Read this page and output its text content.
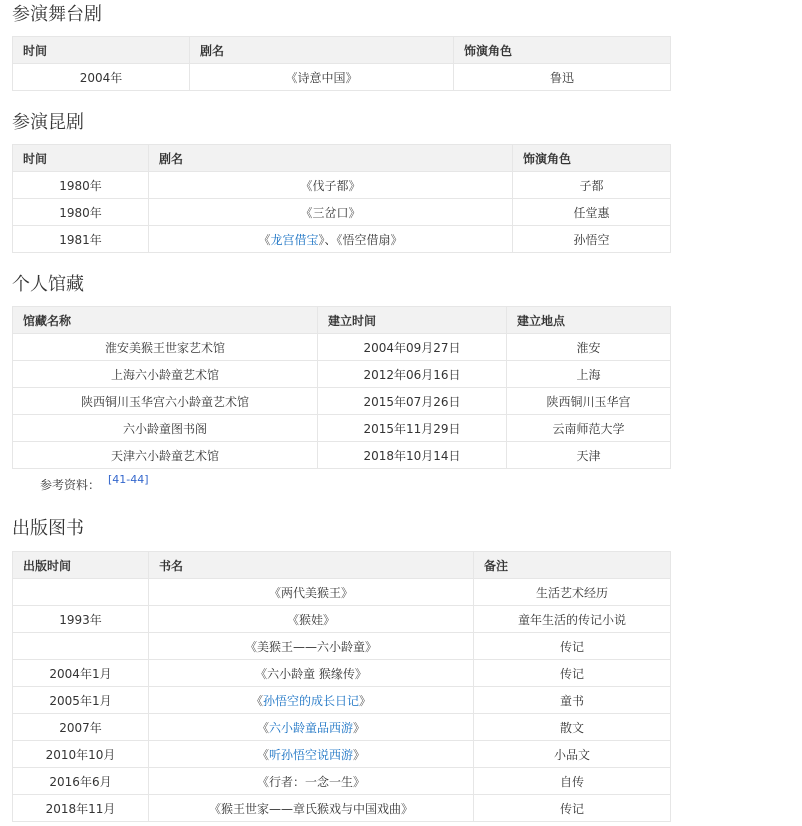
参演舞台剧
时间	剧名	饰演角色
2004年	《诗意中国》	鲁迅
参演昆剧
时间	剧名	饰演角色
1980年	《伐子都》	子都
1980年	《三岔口》	任堂惠
1981年	《龙宫借宝》、《悟空借扇》	孙悟空
个人馆藏
馆藏名称	建立时间	建立地点
淮安美猴王世家艺术馆	2004年09月27日	淮安
上海六小龄童艺术馆	2012年06月16日	上海
陕西铜川玉华宫六小龄童艺术馆	2015年07月26日	陕西铜川玉华宫
六小龄童图书阁	2015年11月29日	云南师范大学
天津六小龄童艺术馆	2018年10月14日	天津
参考资料： [41-44]
出版图书
出版时间	书名	备注
	《两代美猴王》	生活艺术经历
1993年	《猴娃》	童年生活的传记小说
	《美猴王——六小龄童》	传记
2004年1月	《六小龄童 猴缘传》	传记
2005年1月	《孙悟空的成长日记》	童书
2007年	《六小龄童品西游》	散文
2010年10月	《听孙悟空说西游》	小品文
2016年6月	《行者：一念一生》	自传
2018年11月	《猴王世家——章氏猴戏与中国戏曲》	传记
